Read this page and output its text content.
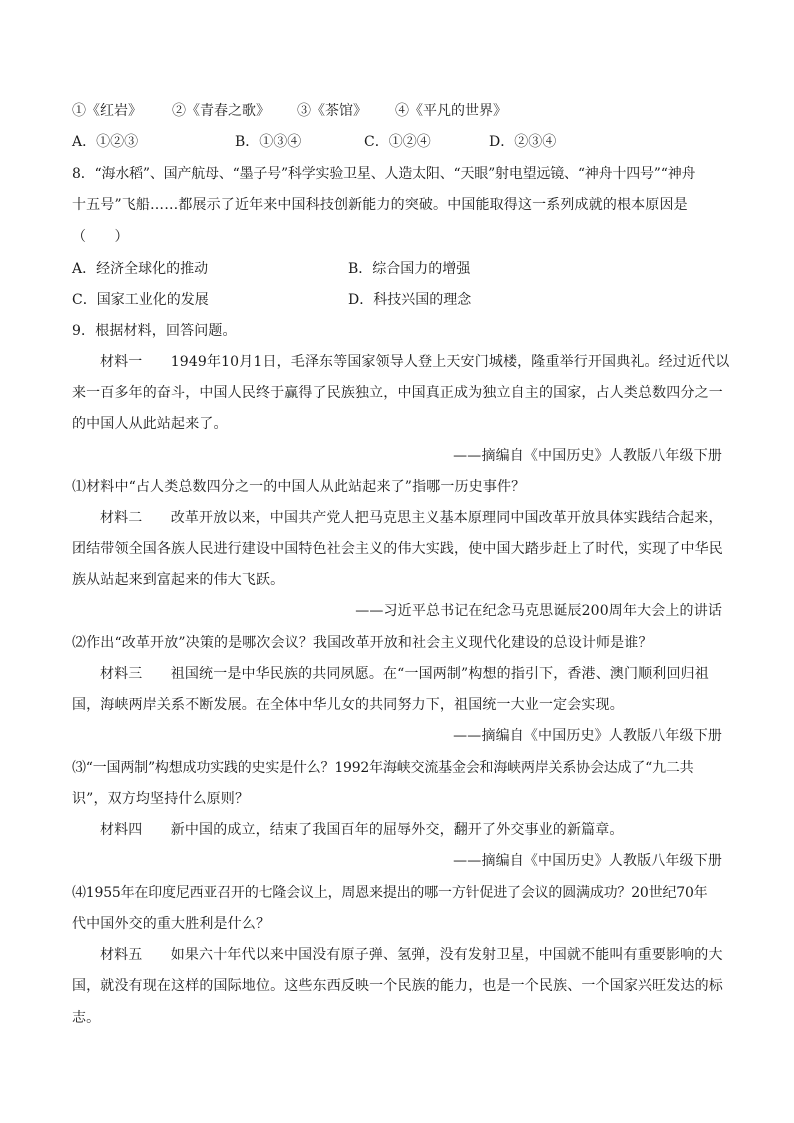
①《红岩》 ②《青春之歌》 ③《茶馆》 ④《平凡的世界》
A．①②③	B．①③④	C．①②④	D．②③④
8．“海水稻”、国产航母、“墨子号”科学实验卫星、人造太阳、“天眼”射电望远镜、“神舟十四号”“神舟
十五号”飞船……都展示了近年来中国科技创新能力的突破。中国能取得这一系列成就的根本原因是
（　　）
A．经济全球化的推动	B．综合国力的增强
C．国家工业化的发展	D．科技兴国的理念
9．根据材料，回答问题。
材料一　　1949年10月1日，毛泽东等国家领导人登上天安门城楼，隆重举行开国典礼。经过近代以
来一百多年的奋斗，中国人民终于赢得了民族独立，中国真正成为独立自主的国家，占人类总数四分之一
的中国人从此站起来了。
——摘编自《中国历史》人教版八年级下册
⑴材料中“占人类总数四分之一的中国人从此站起来了”指哪一历史事件？
材料二　　改革开放以来，中国共产党人把马克思主义基本原理同中国改革开放具体实践结合起来，
团结带领全国各族人民进行建设中国特色社会主义的伟大实践，使中国大踏步赶上了时代，实现了中华民
族从站起来到富起来的伟大飞跃。
——习近平总书记在纪念马克思诞辰200周年大会上的讲话
⑵作出“改革开放”决策的是哪次会议？我国改革开放和社会主义现代化建设的总设计师是谁？
材料三　　祖国统一是中华民族的共同夙愿。在“一国两制”构想的指引下，香港、澳门顺利回归祖
国，海峡两岸关系不断发展。在全体中华儿女的共同努力下，祖国统一大业一定会实现。
——摘编自《中国历史》人教版八年级下册
⑶“一国两制”构想成功实践的史实是什么？1992年海峡交流基金会和海峡两岸关系协会达成了“九二共
识”，双方均坚持什么原则？
材料四　　新中国的成立，结束了我国百年的屈辱外交，翻开了外交事业的新篇章。
——摘编自《中国历史》人教版八年级下册
⑷1955年在印度尼西亚召开的七隆会议上，周恩来提出的哪一方针促进了会议的圆满成功？20世纪70年
代中国外交的重大胜利是什么？
材料五　　如果六十年代以来中国没有原子弹、氢弹，没有发射卫星，中国就不能叫有重要影响的大
国，就没有现在这样的国际地位。这些东西反映一个民族的能力，也是一个民族、一个国家兴旺发达的标
志。
